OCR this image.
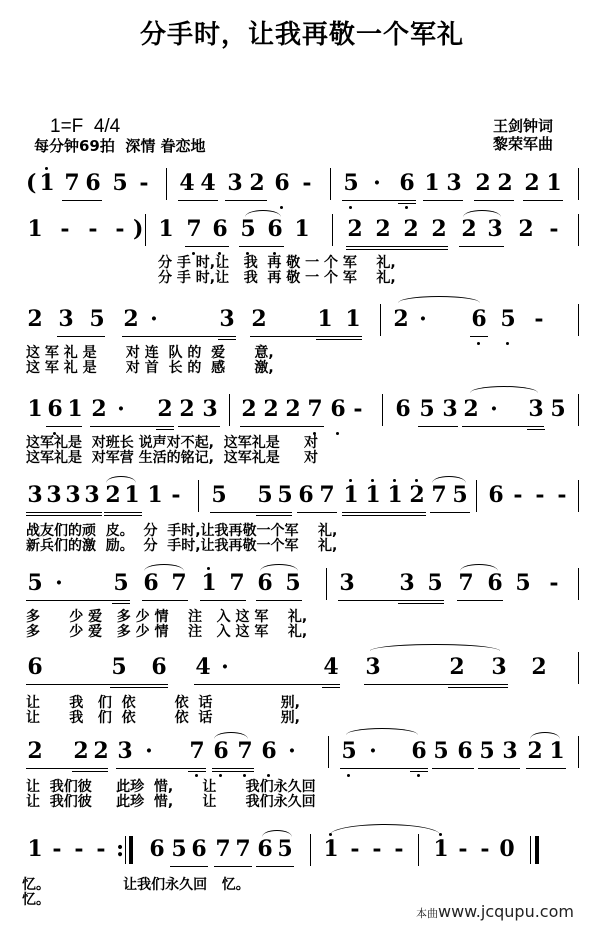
分手时，让我再敬一个军礼
1=F  4/4
每分钟69拍  深情 眷恋地
王剑钟词
黎荣军曲
( 1 7 6 5 - 4 4 3 2 6 - 5 · 6 1 3 2 2 2 1
1 - - - ) 1 7 6 5 6 1 2 2 2 2 2 3 2 -
分 手 时,让   我  再 敬 一 个 军    礼,
分 手 时,让   我  再 敬 一 个 军    礼,
2 3 5 2 ·	3 2 1 1 2 · 6 5 -
这 军 礼 是      对 连  队 的  爱      意,
这 军 礼 是      对 首  长 的  感      激,
1 6 1 2 · 2 2 3 2 2 2 7 6 - 6 5 3 2 · 3 5
这军礼是  对班长 说声对不起,  这军礼是     对
这军礼是  对军营 生活的铭记,  这军礼是     对
3 3 3 3 2 1 1 - 5 5 5 6 7 1 1 1 2 7 5 6 - - -
战友们的顽  皮。  分  手时,让我再敬一个军    礼,
新兵们的激  励。  分  手时,让我再敬一个军    礼,
5 · 5 6 7 1 7 6 5 3 3 5 7 6 5 -
多      少 爱   多 少 情    注   入 这 军    礼,
多      少 爱   多 少 情    注   入 这 军    礼,
6	5 6 4 ·	4 3	2 3 2
让      我   们  依        依  话              别,
让      我   们  依        依  话              别,
2 2 2 3 · 7 6 7 6 · 5 · 6 5 6 5 3 2 1
让  我们彼     此珍  惜,      让      我们永久回
让  我们彼     此珍  惜,      让      我们永久回
1 - - - : 6 5 6 7 7 6 5 1 - - - 1 - - 0
忆。               让我们永久回   忆。
忆。
本曲www.jcqupu.com
